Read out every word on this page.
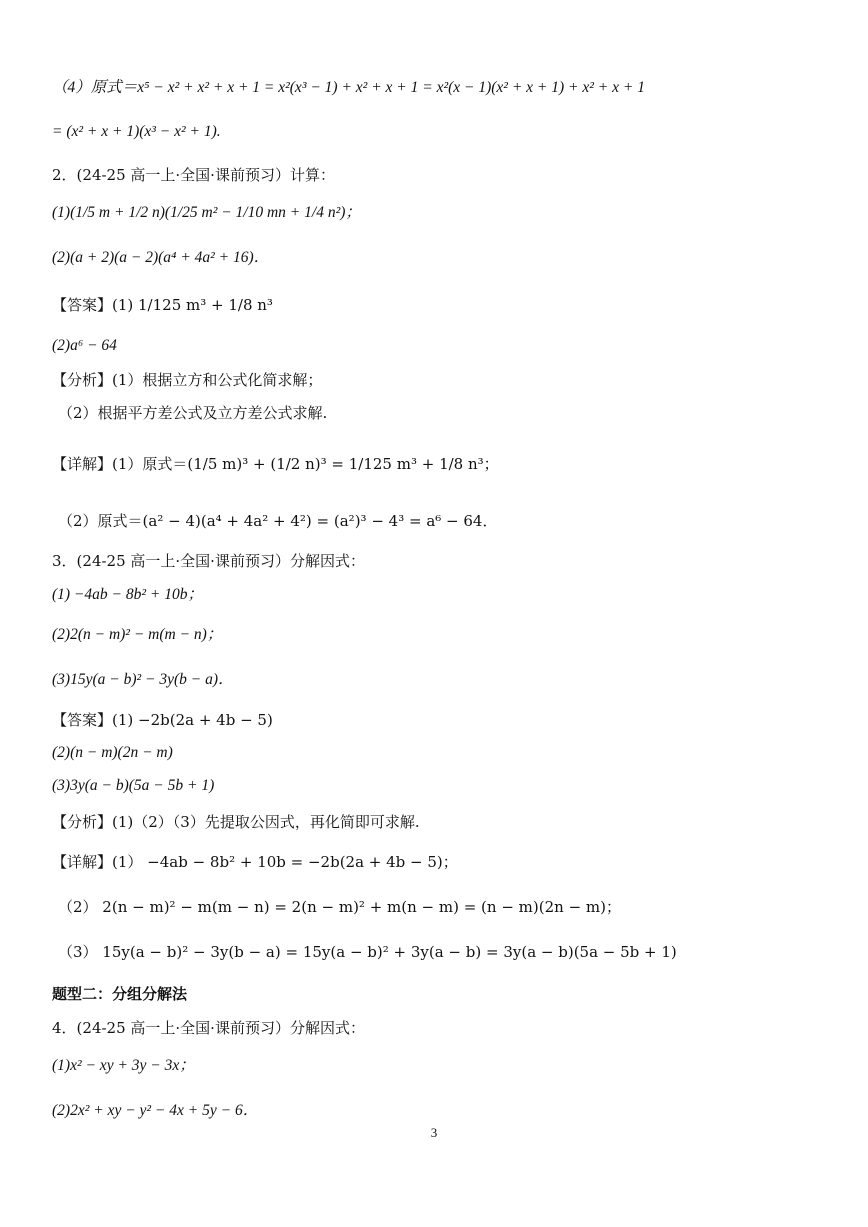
（4）原式＝x⁵ − x² + x² + x + 1 = x²(x³ − 1) + x² + x + 1 = x²(x − 1)(x² + x + 1) + x² + x + 1
= (x² + x + 1)(x³ − x² + 1).
2．(24-25 高一上·全国·课前预习）计算：
(1)(1/5 m + 1/2 n)(1/25 m² − 1/10 mn + 1/4 n²)；
(2)(a + 2)(a − 2)(a⁴ + 4a² + 16)．
【答案】(1) 1/125 m³ + 1/8 n³
(2)a⁶ − 64
【分析】(1）根据立方和公式化简求解；
（2）根据平方差公式及立方差公式求解.
【详解】(1）原式＝(1/5 m)³ + (1/2 n)³ = 1/125 m³ + 1/8 n³；
（2）原式＝(a² − 4)(a⁴ + 4a² + 4²) = (a²)³ − 4³ = a⁶ − 64．
3．(24-25 高一上·全国·课前预习）分解因式：
(1) −4ab − 8b² + 10b；
(2)2(n − m)² − m(m − n)；
(3)15y(a − b)² − 3y(b − a)．
【答案】(1) −2b(2a + 4b − 5)
(2)(n − m)(2n − m)
(3)3y(a − b)(5a − 5b + 1)
【分析】(1)（2）（3）先提取公因式，再化简即可求解.
【详解】(1） −4ab − 8b² + 10b = −2b(2a + 4b − 5)；
（2） 2(n − m)² − m(m − n) = 2(n − m)² + m(n − m) = (n − m)(2n − m)；
（3） 15y(a − b)² − 3y(b − a) = 15y(a − b)² + 3y(a − b) = 3y(a − b)(5a − 5b + 1)
题型二：分组分解法
4．(24-25 高一上·全国·课前预习）分解因式：
(1)x² − xy + 3y − 3x；
(2)2x² + xy − y² − 4x + 5y − 6．
3
